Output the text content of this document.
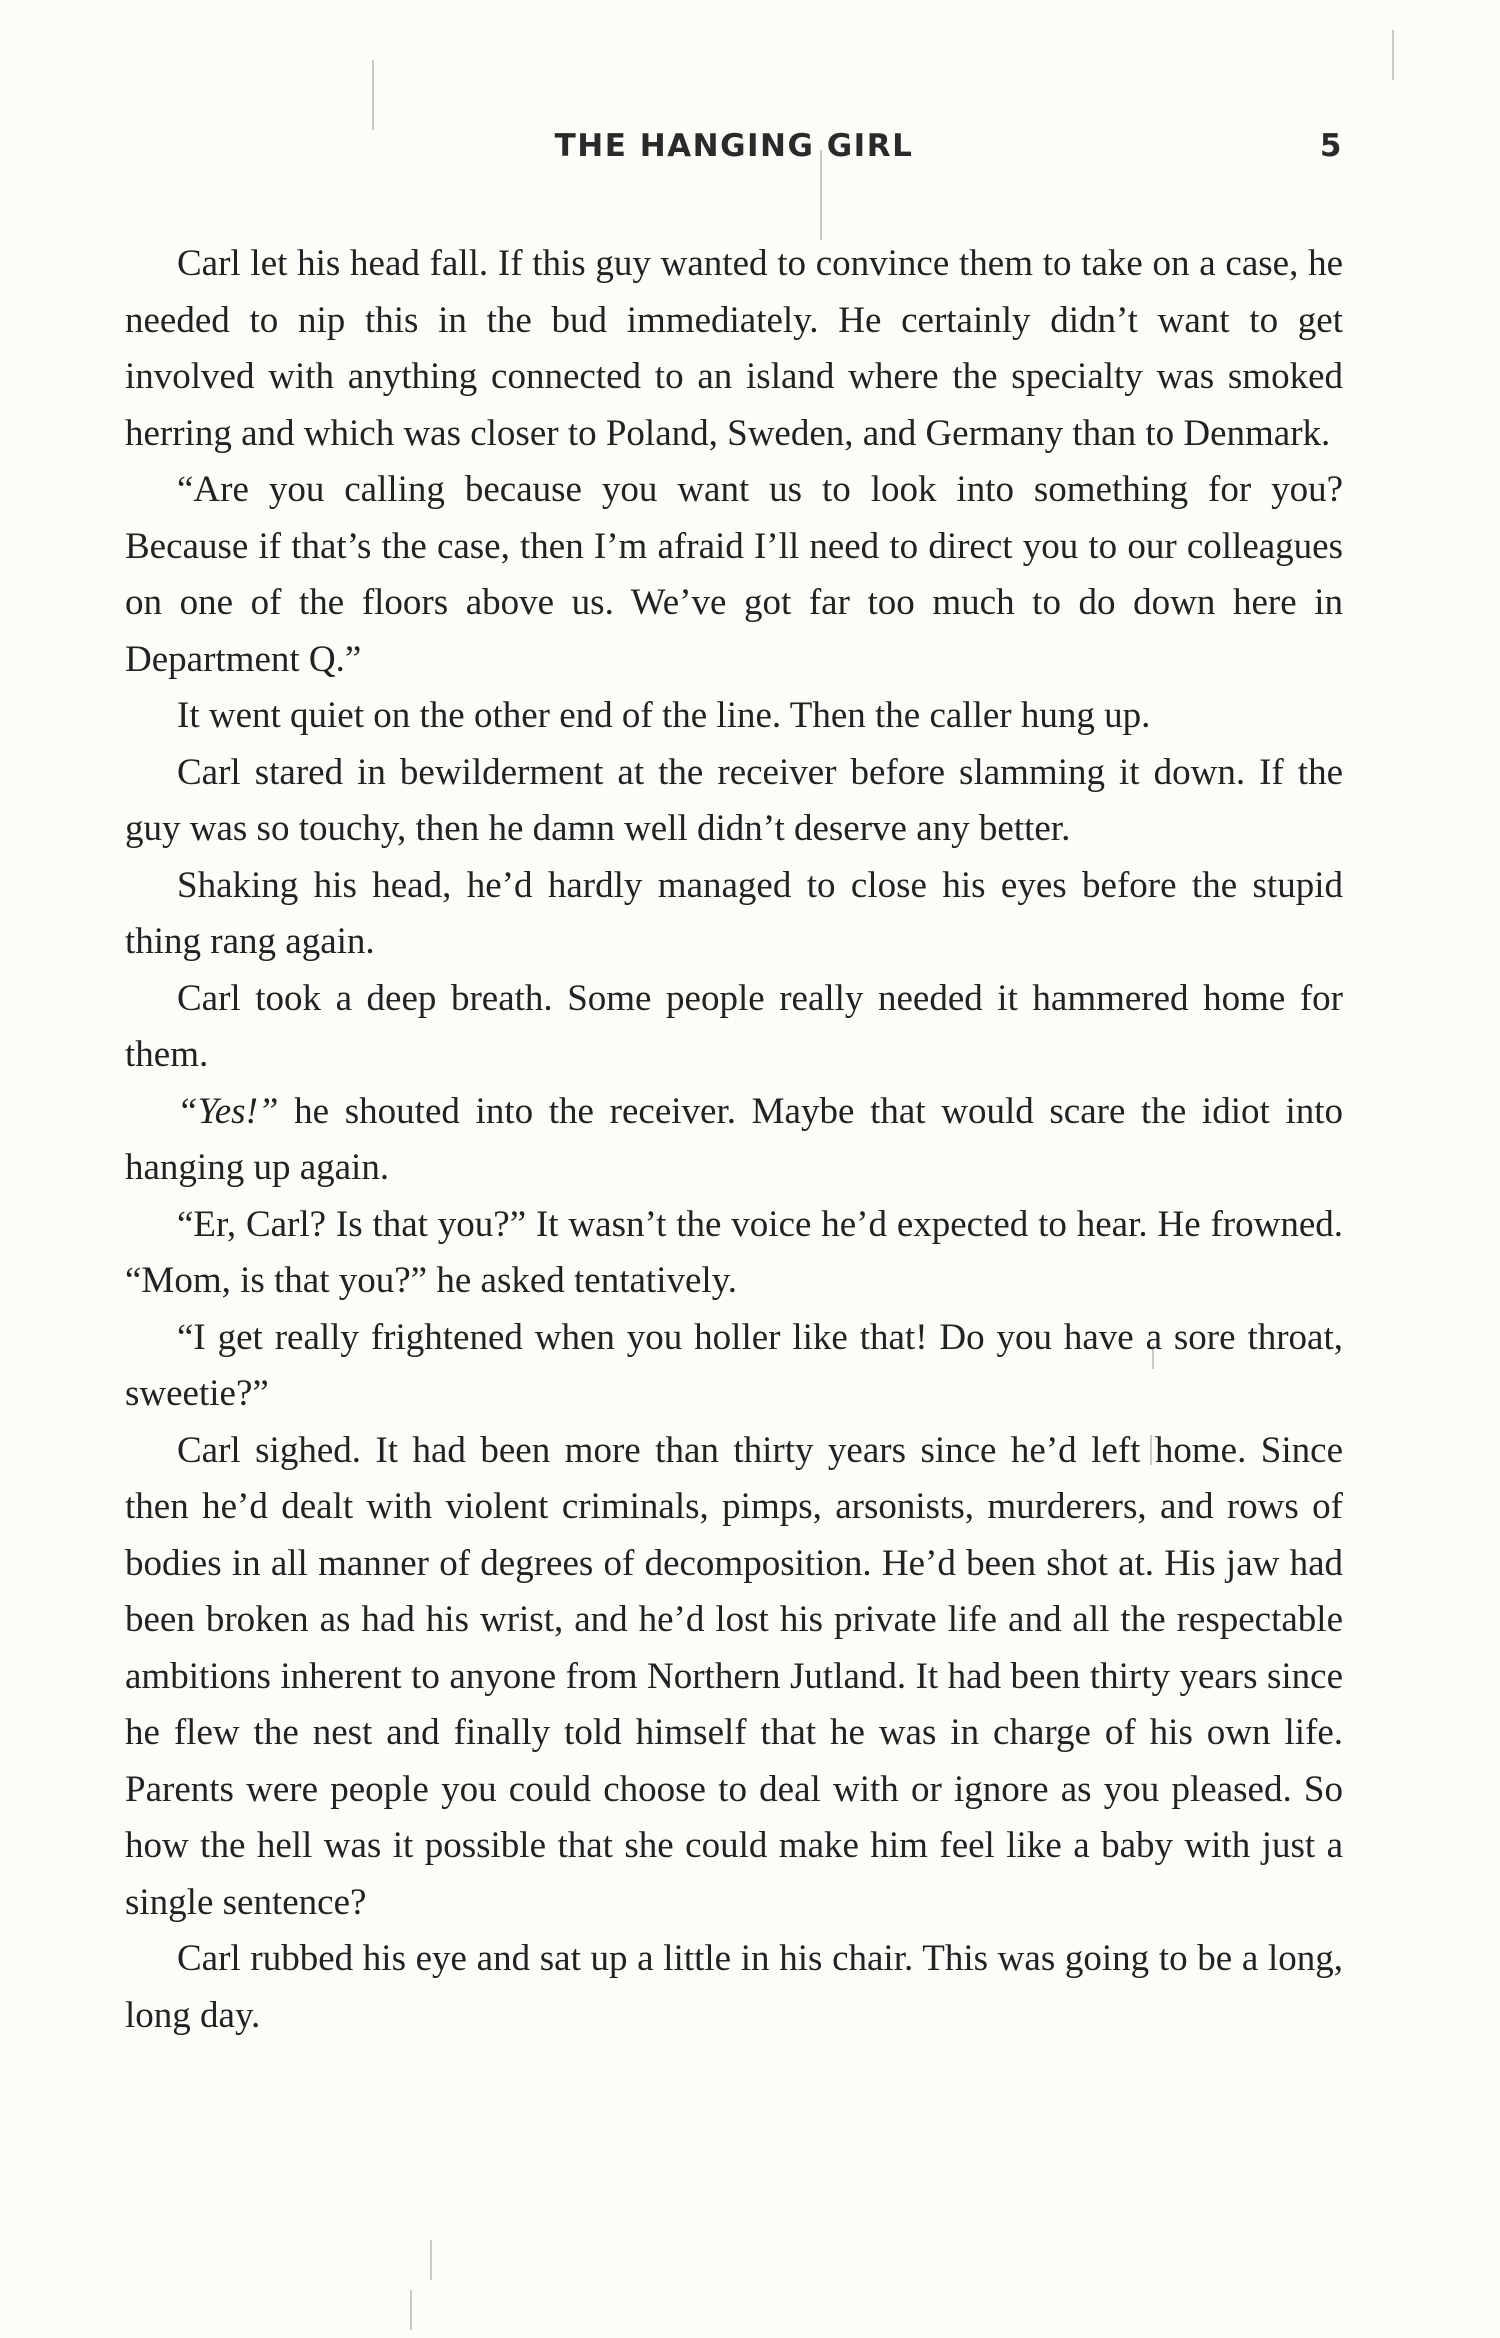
THE HANGING GIRL	5

Carl let his head fall. If this guy wanted to convince them to take on a case, he needed to nip this in the bud immediately. He certainly didn’t want to get involved with anything connected to an island where the specialty was smoked herring and which was closer to Poland, Sweden, and Germany than to Denmark.

“Are you calling because you want us to look into something for you? Because if that’s the case, then I’m afraid I’ll need to direct you to our colleagues on one of the floors above us. We’ve got far too much to do down here in Department Q.”

It went quiet on the other end of the line. Then the caller hung up.

Carl stared in bewilderment at the receiver before slamming it down. If the guy was so touchy, then he damn well didn’t deserve any better.

Shaking his head, he’d hardly managed to close his eyes before the stupid thing rang again.

Carl took a deep breath. Some people really needed it hammered home for them.

“Yes!” he shouted into the receiver. Maybe that would scare the idiot into hanging up again.

“Er, Carl? Is that you?” It wasn’t the voice he’d expected to hear. He frowned. “Mom, is that you?” he asked tentatively.

“I get really frightened when you holler like that! Do you have a sore throat, sweetie?”

Carl sighed. It had been more than thirty years since he’d left home. Since then he’d dealt with violent criminals, pimps, arsonists, murderers, and rows of bodies in all manner of degrees of decomposition. He’d been shot at. His jaw had been broken as had his wrist, and he’d lost his private life and all the respectable ambitions inherent to anyone from Northern Jutland. It had been thirty years since he flew the nest and finally told himself that he was in charge of his own life. Parents were people you could choose to deal with or ignore as you pleased. So how the hell was it possible that she could make him feel like a baby with just a single sentence?

Carl rubbed his eye and sat up a little in his chair. This was going to be a long, long day.
